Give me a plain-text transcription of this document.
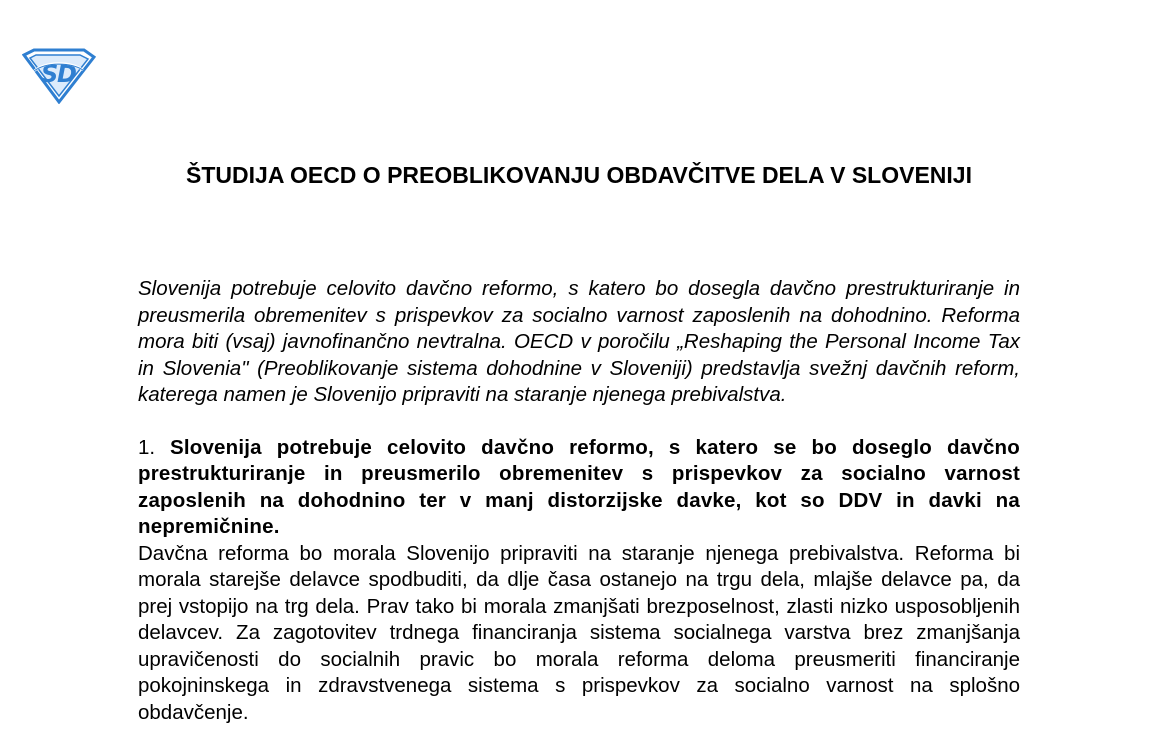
S
D
ŠTUDIJA OECD O PREOBLIKOVANJU OBDAVČITVE DELA V SLOVENIJI

Slovenija potrebuje celovito davčno reformo, s katero bo dosegla davčno prestrukturiranje in preusmerila obremenitev s prispevkov za socialno varnost zaposlenih na dohodnino. Reforma mora biti (vsaj) javnofinančno nevtralna. OECD v poročilu „Reshaping the Personal Income Tax in Slovenia" (Preoblikovanje sistema dohodnine v Sloveniji) predstavlja svežnj davčnih reform, katerega namen je Slovenijo pripraviti na staranje njenega prebivalstva.

1. Slovenija potrebuje celovito davčno reformo, s katero se bo doseglo davčno prestrukturiranje in preusmerilo obremenitev s prispevkov za socialno varnost zaposlenih na dohodnino ter v manj distorzijske davke, kot so DDV in davki na nepremičnine.

Davčna reforma bo morala Slovenijo pripraviti na staranje njenega prebivalstva. Reforma bi morala starejše delavce spodbuditi, da dlje časa ostanejo na trgu dela, mlajše delavce pa, da prej vstopijo na trg dela. Prav tako bi morala zmanjšati brezposelnost, zlasti nizko usposobljenih delavcev. Za zagotovitev trdnega financiranja sistema socialnega varstva brez zmanjšanja upravičenosti do socialnih pravic bo morala reforma deloma preusmeriti financiranje pokojninskega in zdravstvenega sistema s prispevkov za socialno varnost na splošno obdavčenje.
